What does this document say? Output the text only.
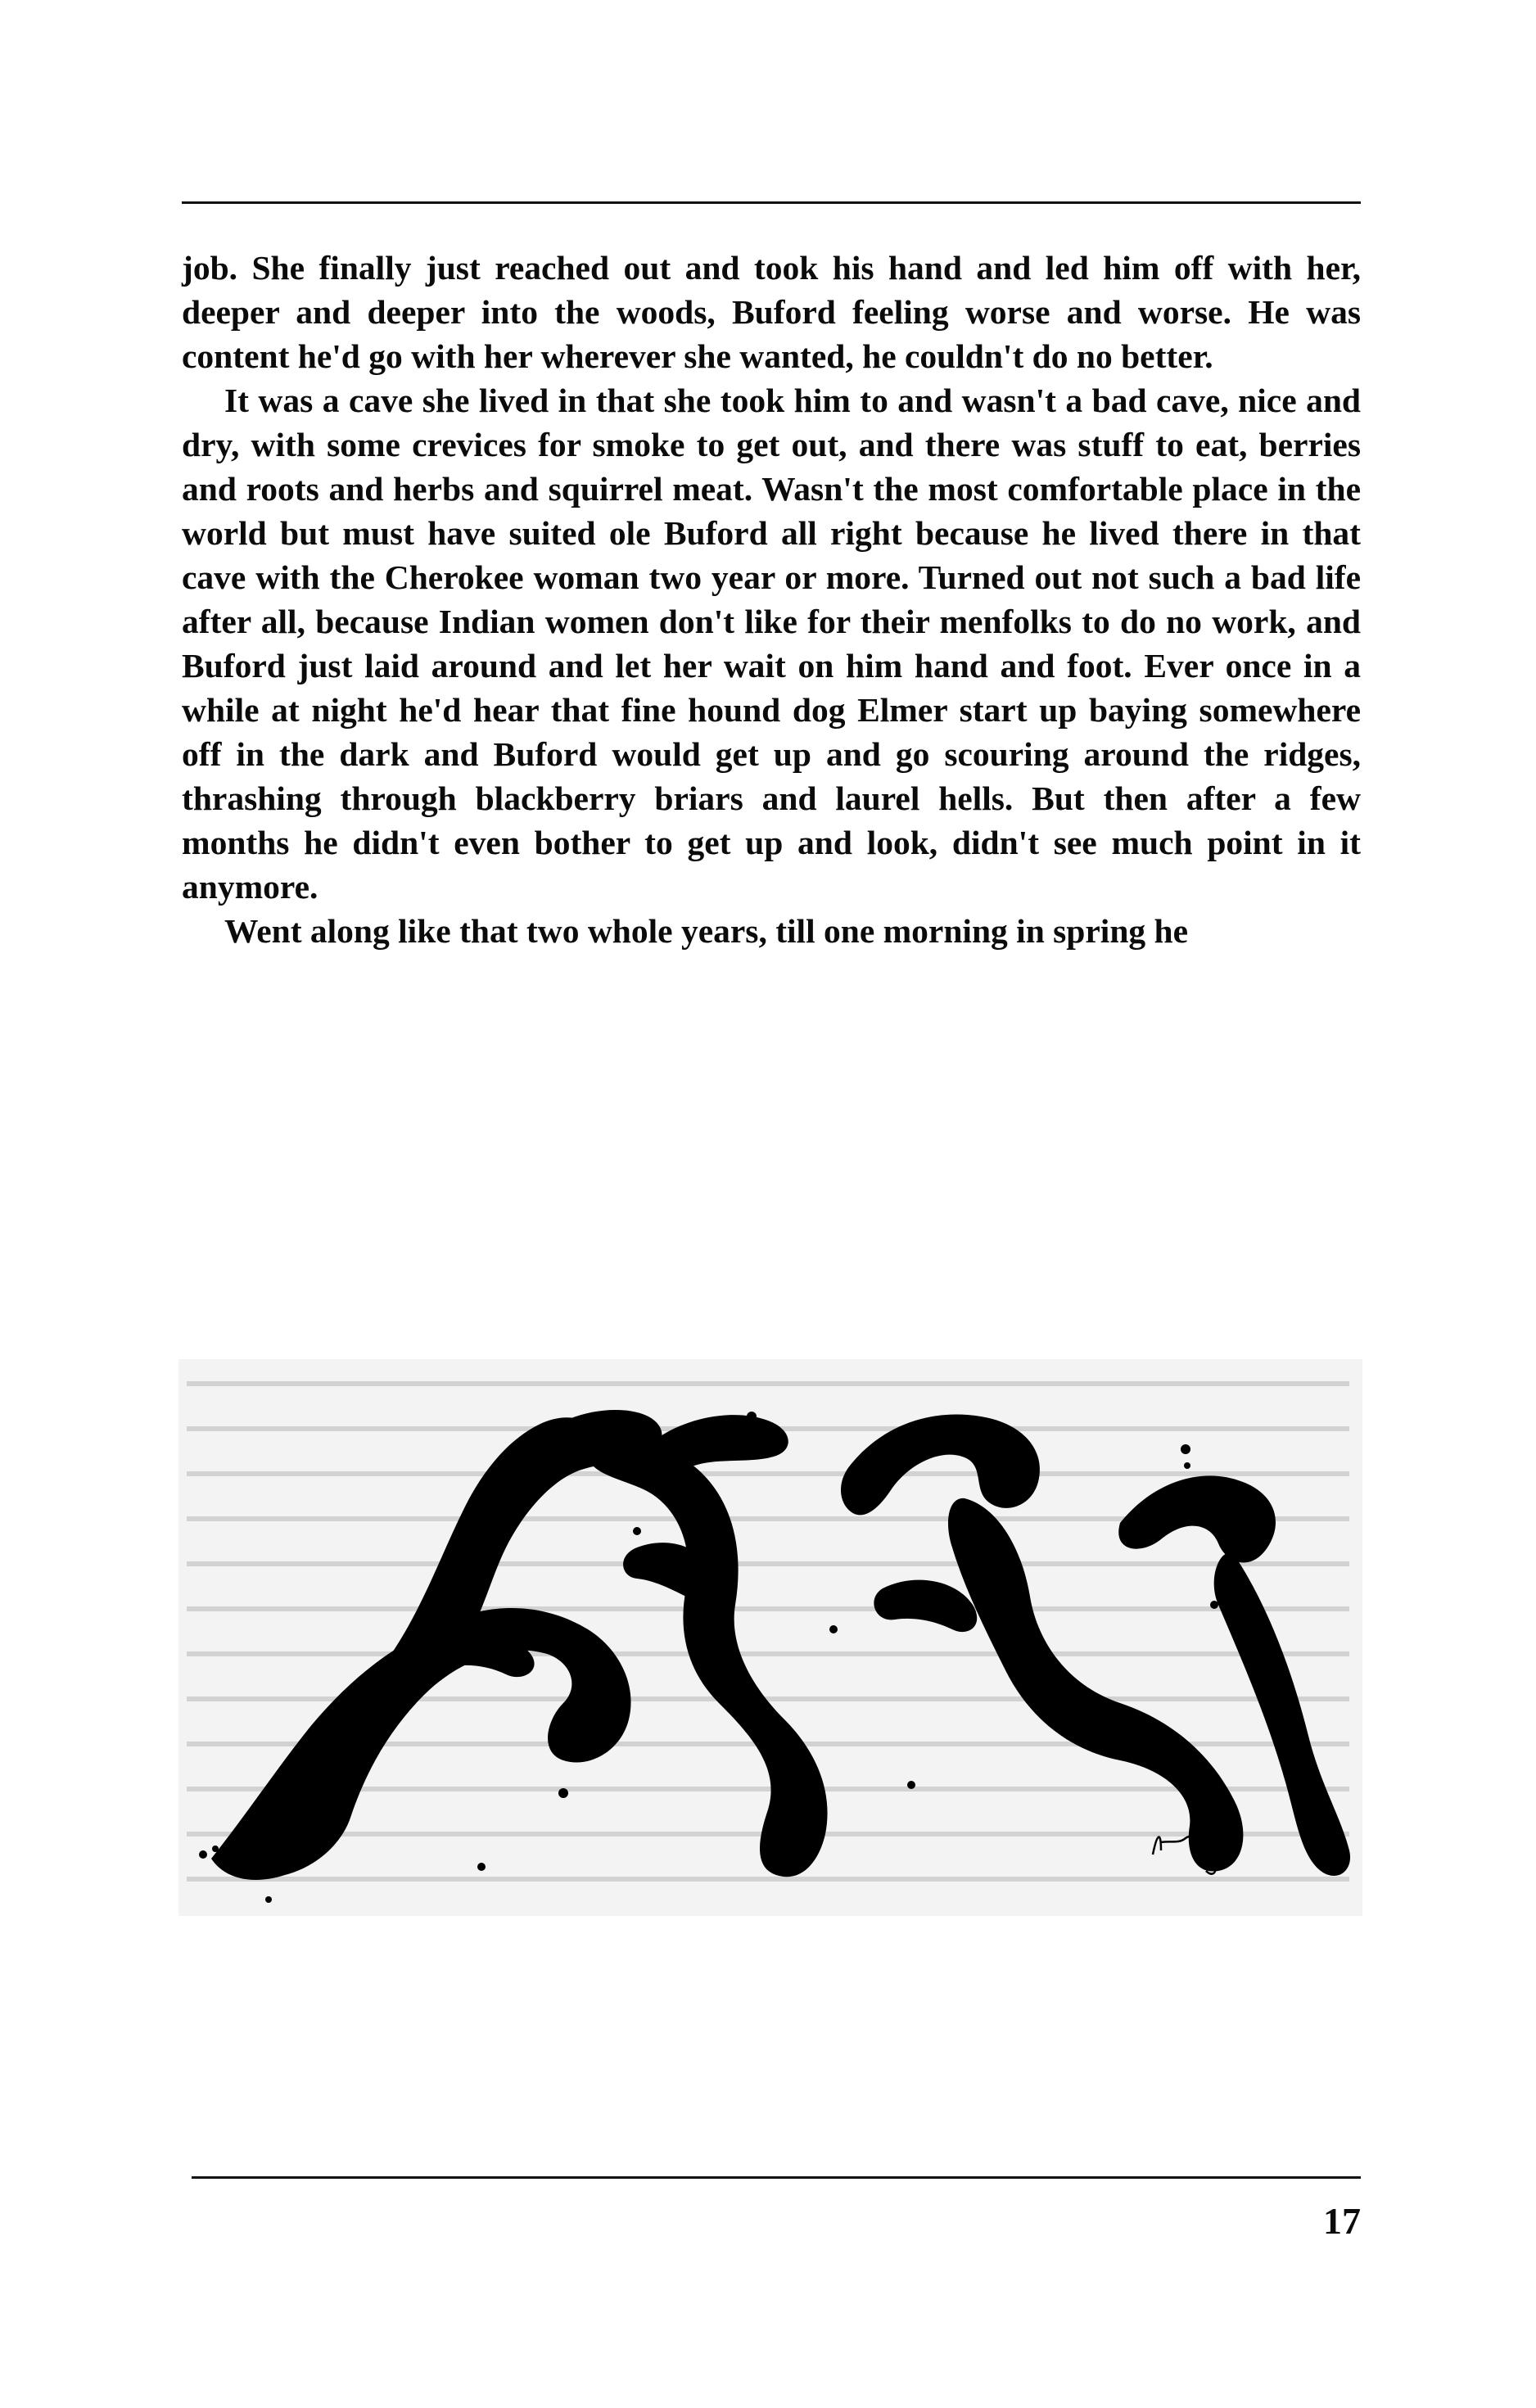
job. She finally just reached out and took his hand and led him off with her, deeper and deeper into the woods, Buford feeling worse and worse. He was content he'd go with her wherever she wanted, he couldn't do no better.

It was a cave she lived in that she took him to and wasn't a bad cave, nice and dry, with some crevices for smoke to get out, and there was stuff to eat, berries and roots and herbs and squirrel meat. Wasn't the most comfortable place in the world but must have suited ole Buford all right because he lived there in that cave with the Cherokee woman two year or more. Turned out not such a bad life after all, because Indian women don't like for their menfolks to do no work, and Buford just laid around and let her wait on him hand and foot. Ever once in a while at night he'd hear that fine hound dog Elmer start up baying somewhere off in the dark and Buford would get up and go scouring around the ridges, thrashing through blackberry briars and laurel hells. But then after a few months he didn't even bother to get up and look, didn't see much point in it anymore.

Went along like that two whole years, till one morning in spring he

17
